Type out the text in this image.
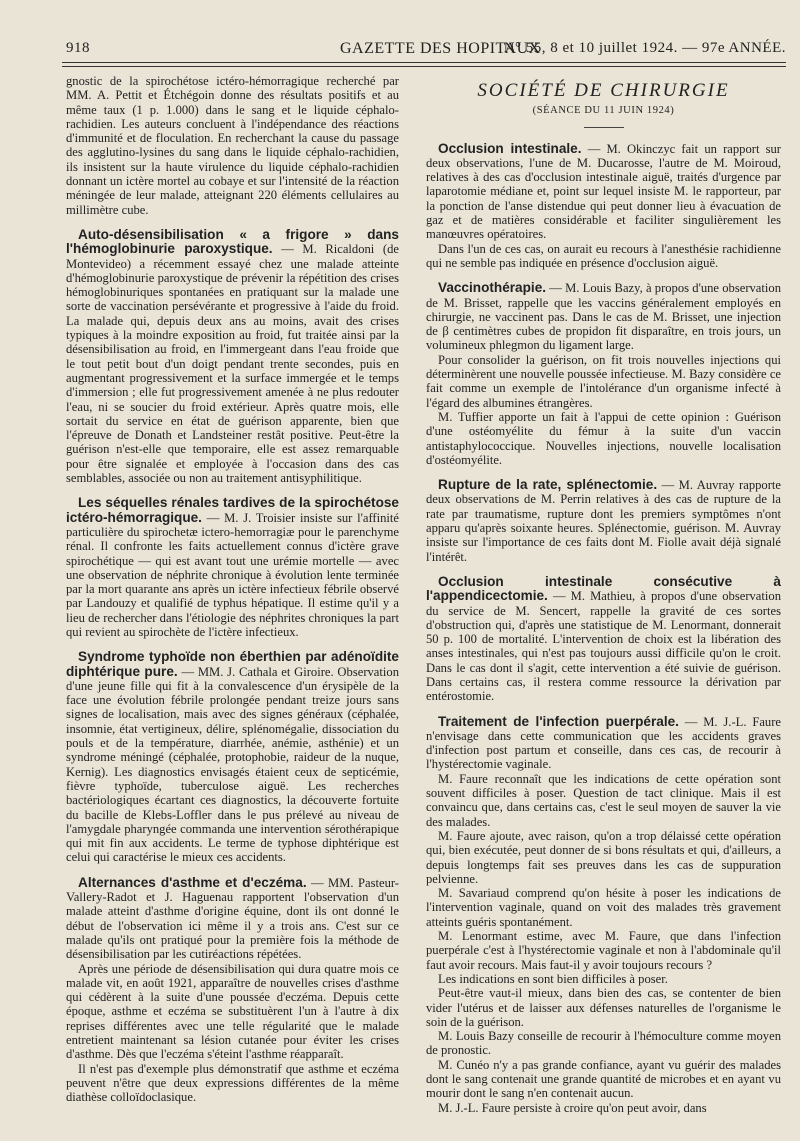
918	GAZETTE DES HOPITAUX
N° 55, 8 et 10 juillet 1924. — 97e ANNÉE.

gnostic de la spirochétose ictéro-hémorragique recherché par MM. A. Pettit et Étchégoin donne des résultats positifs et au même taux (1 p. 1.000) dans le sang et le liquide céphalo-rachidien. Les auteurs concluent à l'indépendance des réactions d'immunité et de floculation. En recherchant la cause du passage des agglutino-lysines du sang dans le liquide céphalo-rachidien, ils insistent sur la haute virulence du liquide céphalo-rachidien donnant un ictère mortel au cobaye et sur l'intensité de la réaction méningée de leur malade, atteignant 220 éléments cellulaires au millimètre cube.

Auto-désensibilisation « a frigore » dans l'hémoglobinurie paroxystique. — M. Ricaldoni (de Montevideo) a récemment essayé chez une malade atteinte d'hémoglobinurie paroxystique de prévenir la répétition des crises hémoglobinuriques spontanées en pratiquant sur la malade une sorte de vaccination persévérante et progressive à l'aide du froid. La malade qui, depuis deux ans au moins, avait des crises typiques à la moindre exposition au froid, fut traitée ainsi par la désensibilisation au froid, en l'immergeant dans l'eau froide que le tout petit bout d'un doigt pendant trente secondes, puis en augmentant progressivement et la surface immergée et le temps d'immersion ; elle fut progressivement amenée à ne plus redouter l'eau, ni se soucier du froid extérieur. Après quatre mois, elle sortait du service en état de guérison apparente, bien que l'épreuve de Donath et Landsteiner restât positive. Peut-être la guérison n'est-elle que temporaire, elle est assez remarquable pour être signalée et employée à l'occasion dans des cas semblables, associée ou non au traitement antisyphilitique.

Les séquelles rénales tardives de la spirochétose ictéro-hémorragique. — M. J. Troisier insiste sur l'affinité particulière du spirochetæ ictero-hemorragiæ pour le parenchyme rénal. Il confronte les faits actuellement connus d'ictère grave spirochétique — qui est avant tout une urémie mortelle — avec une observation de néphrite chronique à évolution lente terminée par la mort quarante ans après un ictère infectieux fébrile observé par Landouzy et qualifié de typhus hépatique. Il estime qu'il y a lieu de rechercher dans l'étiologie des néphrites chroniques la part qui revient au spirochète de l'ictère infectieux.

Syndrome typhoïde non éberthien par adénoïdite diphtérique pure. — MM. J. Cathala et Giroire. Observation d'une jeune fille qui fit à la convalescence d'un érysipèle de la face une évolution fébrile prolongée pendant treize jours sans signes de localisation, mais avec des signes généraux (céphalée, insomnie, état vertigineux, délire, splénomégalie, dissociation du pouls et de la température, diarrhée, anémie, asthénie) et un syndrome méningé (céphalée, protophobie, raideur de la nuque, Kernig). Les diagnostics envisagés étaient ceux de septicémie, fièvre typhoïde, tuberculose aiguë. Les recherches bactériologiques écartant ces diagnostics, la découverte fortuite du bacille de Klebs-Loffler dans le pus prélevé au niveau de l'amygdale pharyngée commanda une intervention sérothérapique qui mit fin aux accidents. Le terme de typhose diphtérique est celui qui caractérise le mieux ces accidents.

Alternances d'asthme et d'eczéma. — MM. Pasteur-Vallery-Radot et J. Haguenau rapportent l'observation d'un malade atteint d'asthme d'origine équine, dont ils ont donné le début de l'observation ici même il y a trois ans. C'est sur ce malade qu'ils ont pratiqué pour la première fois la méthode de désensibilisation par les cutiréactions répétées.

Après une période de désensibilisation qui dura quatre mois ce malade vit, en août 1921, apparaître de nouvelles crises d'asthme qui cédèrent à la suite d'une poussée d'eczéma. Depuis cette époque, asthme et eczéma se substituèrent l'un à l'autre à dix reprises différentes avec une telle régularité que le malade entretient maintenant sa lésion cutanée pour éviter les crises d'asthme. Dès que l'eczéma s'éteint l'asthme réapparaît.

Il n'est pas d'exemple plus démonstratif que asthme et eczéma peuvent n'être que deux expressions différentes de la même diathèse colloïdoclasique.

SOCIÉTÉ DE CHIRURGIE
(SÉANCE DU 11 JUIN 1924)

Occlusion intestinale. — M. Okinczyc fait un rapport sur deux observations, l'une de M. Ducarosse, l'autre de M. Moiroud, relatives à des cas d'occlusion intestinale aiguë, traités d'urgence par laparotomie médiane et, point sur lequel insiste M. le rapporteur, par la ponction de l'anse distendue qui peut donner lieu à évacuation de gaz et de matières considérable et faciliter singulièrement les manœuvres opératoires.

Dans l'un de ces cas, on aurait eu recours à l'anesthésie rachidienne qui ne semble pas indiquée en présence d'occlusion aiguë.

Vaccinothérapie. — M. Louis Bazy, à propos d'une observation de M. Brisset, rappelle que les vaccins généralement employés en chirurgie, ne vaccinent pas. Dans le cas de M. Brisset, une injection de β centimètres cubes de propidon fit disparaître, en trois jours, un volumineux phlegmon du ligament large.

Pour consolider la guérison, on fit trois nouvelles injections qui déterminèrent une nouvelle poussée infectieuse. M. Bazy considère ce fait comme un exemple de l'intolérance d'un organisme infecté à l'égard des albumines étrangères.

M. Tuffier apporte un fait à l'appui de cette opinion : Guérison d'une ostéomyélite du fémur à la suite d'un vaccin antistaphylococcique. Nouvelles injections, nouvelle localisation d'ostéomyélite.

Rupture de la rate, splénectomie. — M. Auvray rapporte deux observations de M. Perrin relatives à des cas de rupture de la rate par traumatisme, rupture dont les premiers symptômes n'ont apparu qu'après soixante heures. Splénectomie, guérison. M. Auvray insiste sur l'importance de ces faits dont M. Fiolle avait déjà signalé l'intérêt.

Occlusion intestinale consécutive à l'appendicectomie. — M. Mathieu, à propos d'une observation du service de M. Sencert, rappelle la gravité de ces sortes d'obstruction qui, d'après une statistique de M. Lenormant, donnerait 50 p. 100 de mortalité. L'intervention de choix est la libération des anses intestinales, qui n'est pas toujours aussi difficile qu'on le croit. Dans le cas dont il s'agit, cette intervention a été suivie de guérison. Dans certains cas, il restera comme ressource la dérivation par entérostomie.

Traitement de l'infection puerpérale. — M. J.-L. Faure n'envisage dans cette communication que les accidents graves d'infection post partum et conseille, dans ces cas, de recourir à l'hystérectomie vaginale.

M. Faure reconnaît que les indications de cette opération sont souvent difficiles à poser. Question de tact clinique. Mais il est convaincu que, dans certains cas, c'est le seul moyen de sauver la vie des malades.

M. Faure ajoute, avec raison, qu'on a trop délaissé cette opération qui, bien exécutée, peut donner de si bons résultats et qui, d'ailleurs, a depuis longtemps fait ses preuves dans les cas de suppuration pelvienne.

M. Savariaud comprend qu'on hésite à poser les indications de l'intervention vaginale, quand on voit des malades très gravement atteints guéris spontanément.

M. Lenormant estime, avec M. Faure, que dans l'infection puerpérale c'est à l'hystérectomie vaginale et non à l'abdominale qu'il faut avoir recours. Mais faut-il y avoir toujours recours ?

Les indications en sont bien difficiles à poser.

Peut-être vaut-il mieux, dans bien des cas, se contenter de bien vider l'utérus et de laisser aux défenses naturelles de l'organisme le soin de la guérison.

M. Louis Bazy conseille de recourir à l'hémoculture comme moyen de pronostic.

M. Cunéo n'y a pas grande confiance, ayant vu guérir des malades dont le sang contenait une grande quantité de microbes et en ayant vu mourir dont le sang n'en contenait aucun.

M. J.-L. Faure persiste à croire qu'on peut avoir, dans
